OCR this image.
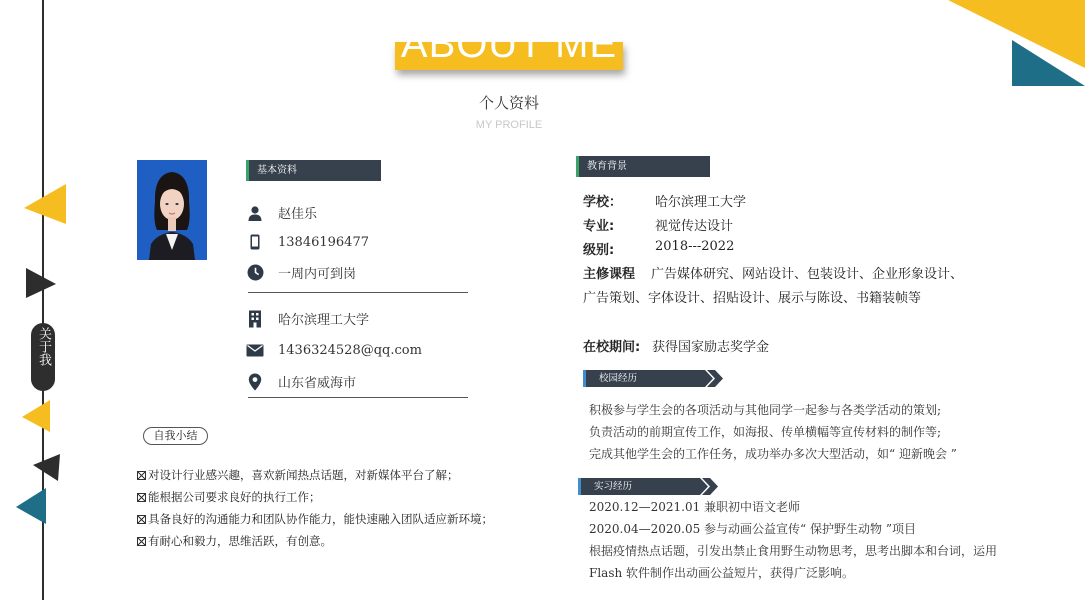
ABOUT ME
个人资料
MY PROFILE
关于我
基本资料
赵佳乐
13846196477
一周内可到岗
哈尔滨理工大学
1436324528@qq.com
山东省威海市
自我小结
对设计行业感兴趣，喜欢新闻热点话题，对新媒体平台了解；
能根据公司要求良好的执行工作；
具备良好的沟通能力和团队协作能力，能快速融入团队适应新环境；
有耐心和毅力，思维活跃，有创意。
教育背景
学校：	哈尔滨理工大学
专业:	视觉传达设计
级别:	2018---2022
主修课程 广告媒体研究、网站设计、包装设计、企业形象设计、
广告策划、字体设计、招贴设计、展示与陈设、书籍装帧等
在校期间: 获得国家励志奖学金
校园经历
积极参与学生会的各项活动与其他同学一起参与各类学活动的策划;
负责活动的前期宣传工作，如海报、传单横幅等宣传材料的制作等;
完成其他学生会的工作任务，成功举办多次大型活动，如“ 迎新晚会 ”
实习经历
2020.12—2021.01 兼职初中语文老师
2020.04—2020.05 参与动画公益宣传“ 保护野生动物 ”项目
根据疫情热点话题，引发出禁止食用野生动物思考，思考出脚本和台词，运用
Flash 软件制作出动画公益短片，获得广泛影响。
